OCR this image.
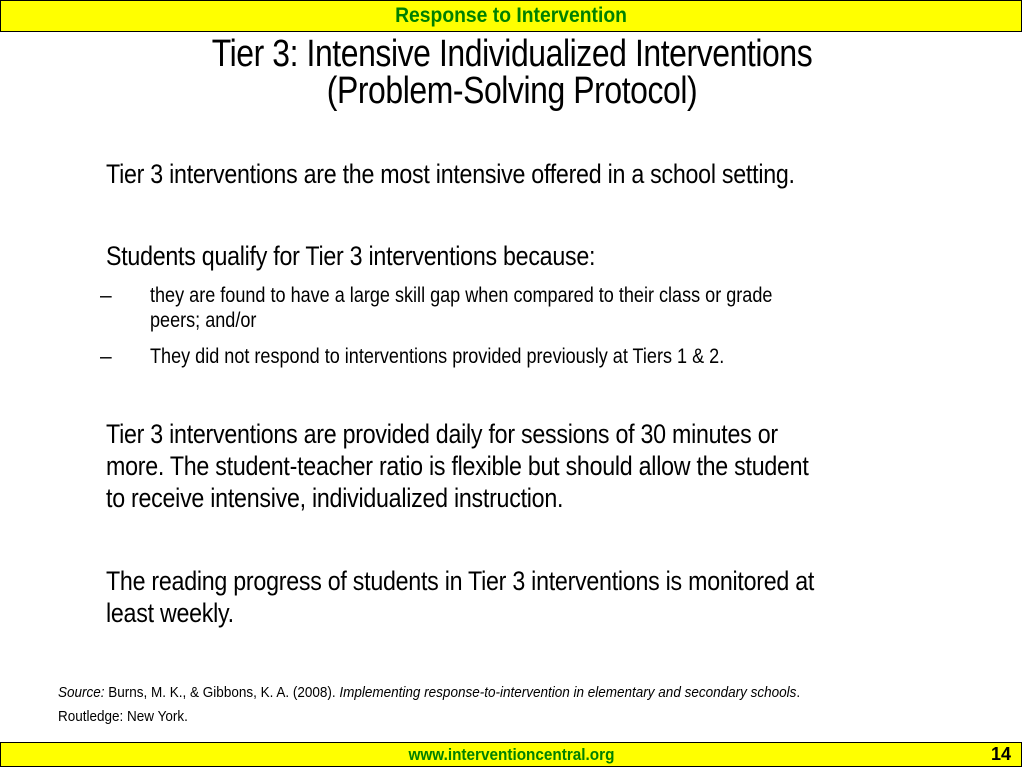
Response to Intervention
Tier 3: Intensive Individualized Interventions
(Problem-Solving Protocol)
Tier 3 interventions are the most intensive offered in a school setting.
Students qualify for Tier 3 interventions because:
– they are found to have a large skill gap when compared to their class or grade
peers; and/or
– They did not respond to interventions provided previously at Tiers 1 & 2.
Tier 3 interventions are provided daily for sessions of 30 minutes or
more. The student-teacher ratio is flexible but should allow the student
to receive intensive, individualized instruction.
The reading progress of students in Tier 3 interventions is monitored at
least weekly.
Source: Burns, M. K., & Gibbons, K. A. (2008). Implementing response-to-intervention in elementary and secondary schools.
Routledge: New York.
www.interventioncentral.org	14
